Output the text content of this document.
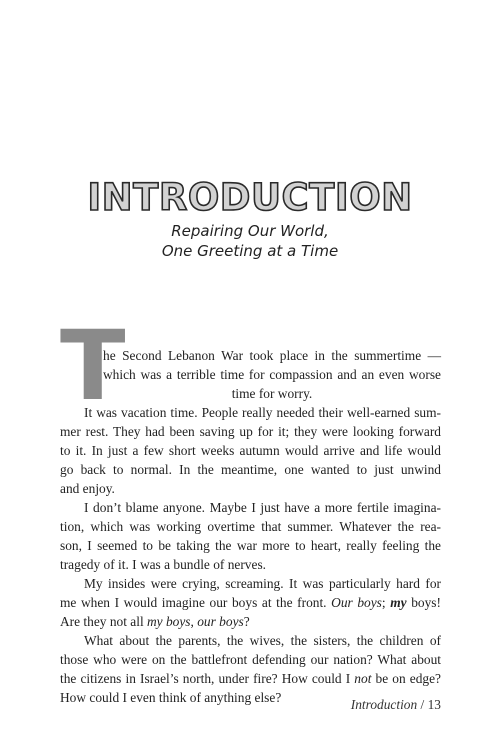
INTRODUCTION
Repairing Our World,
One Greeting at a Time
T
he Second Lebanon War took place in the summertime —
which was a terrible time for compassion and an even worse
time for worry.
It was vacation time. People really needed their well-earned sum-
mer rest. They had been saving up for it; they were looking forward
to it. In just a few short weeks autumn would arrive and life would
go back to normal. In the meantime, one wanted to just unwind
and enjoy.
I don’t blame anyone. Maybe I just have a more fertile imagina-
tion, which was working overtime that summer. Whatever the rea-
son, I seemed to be taking the war more to heart, really feeling the
tragedy of it. I was a bundle of nerves.
My insides were crying, screaming. It was particularly hard for
me when I would imagine our boys at the front. Our boys; my boys!
Are they not all my boys, our boys?
What about the parents, the wives, the sisters, the children of
those who were on the battlefront defending our nation? What about
the citizens in Israel’s north, under fire? How could I not be on edge?
How could I even think of anything else?	Introduction / 13
